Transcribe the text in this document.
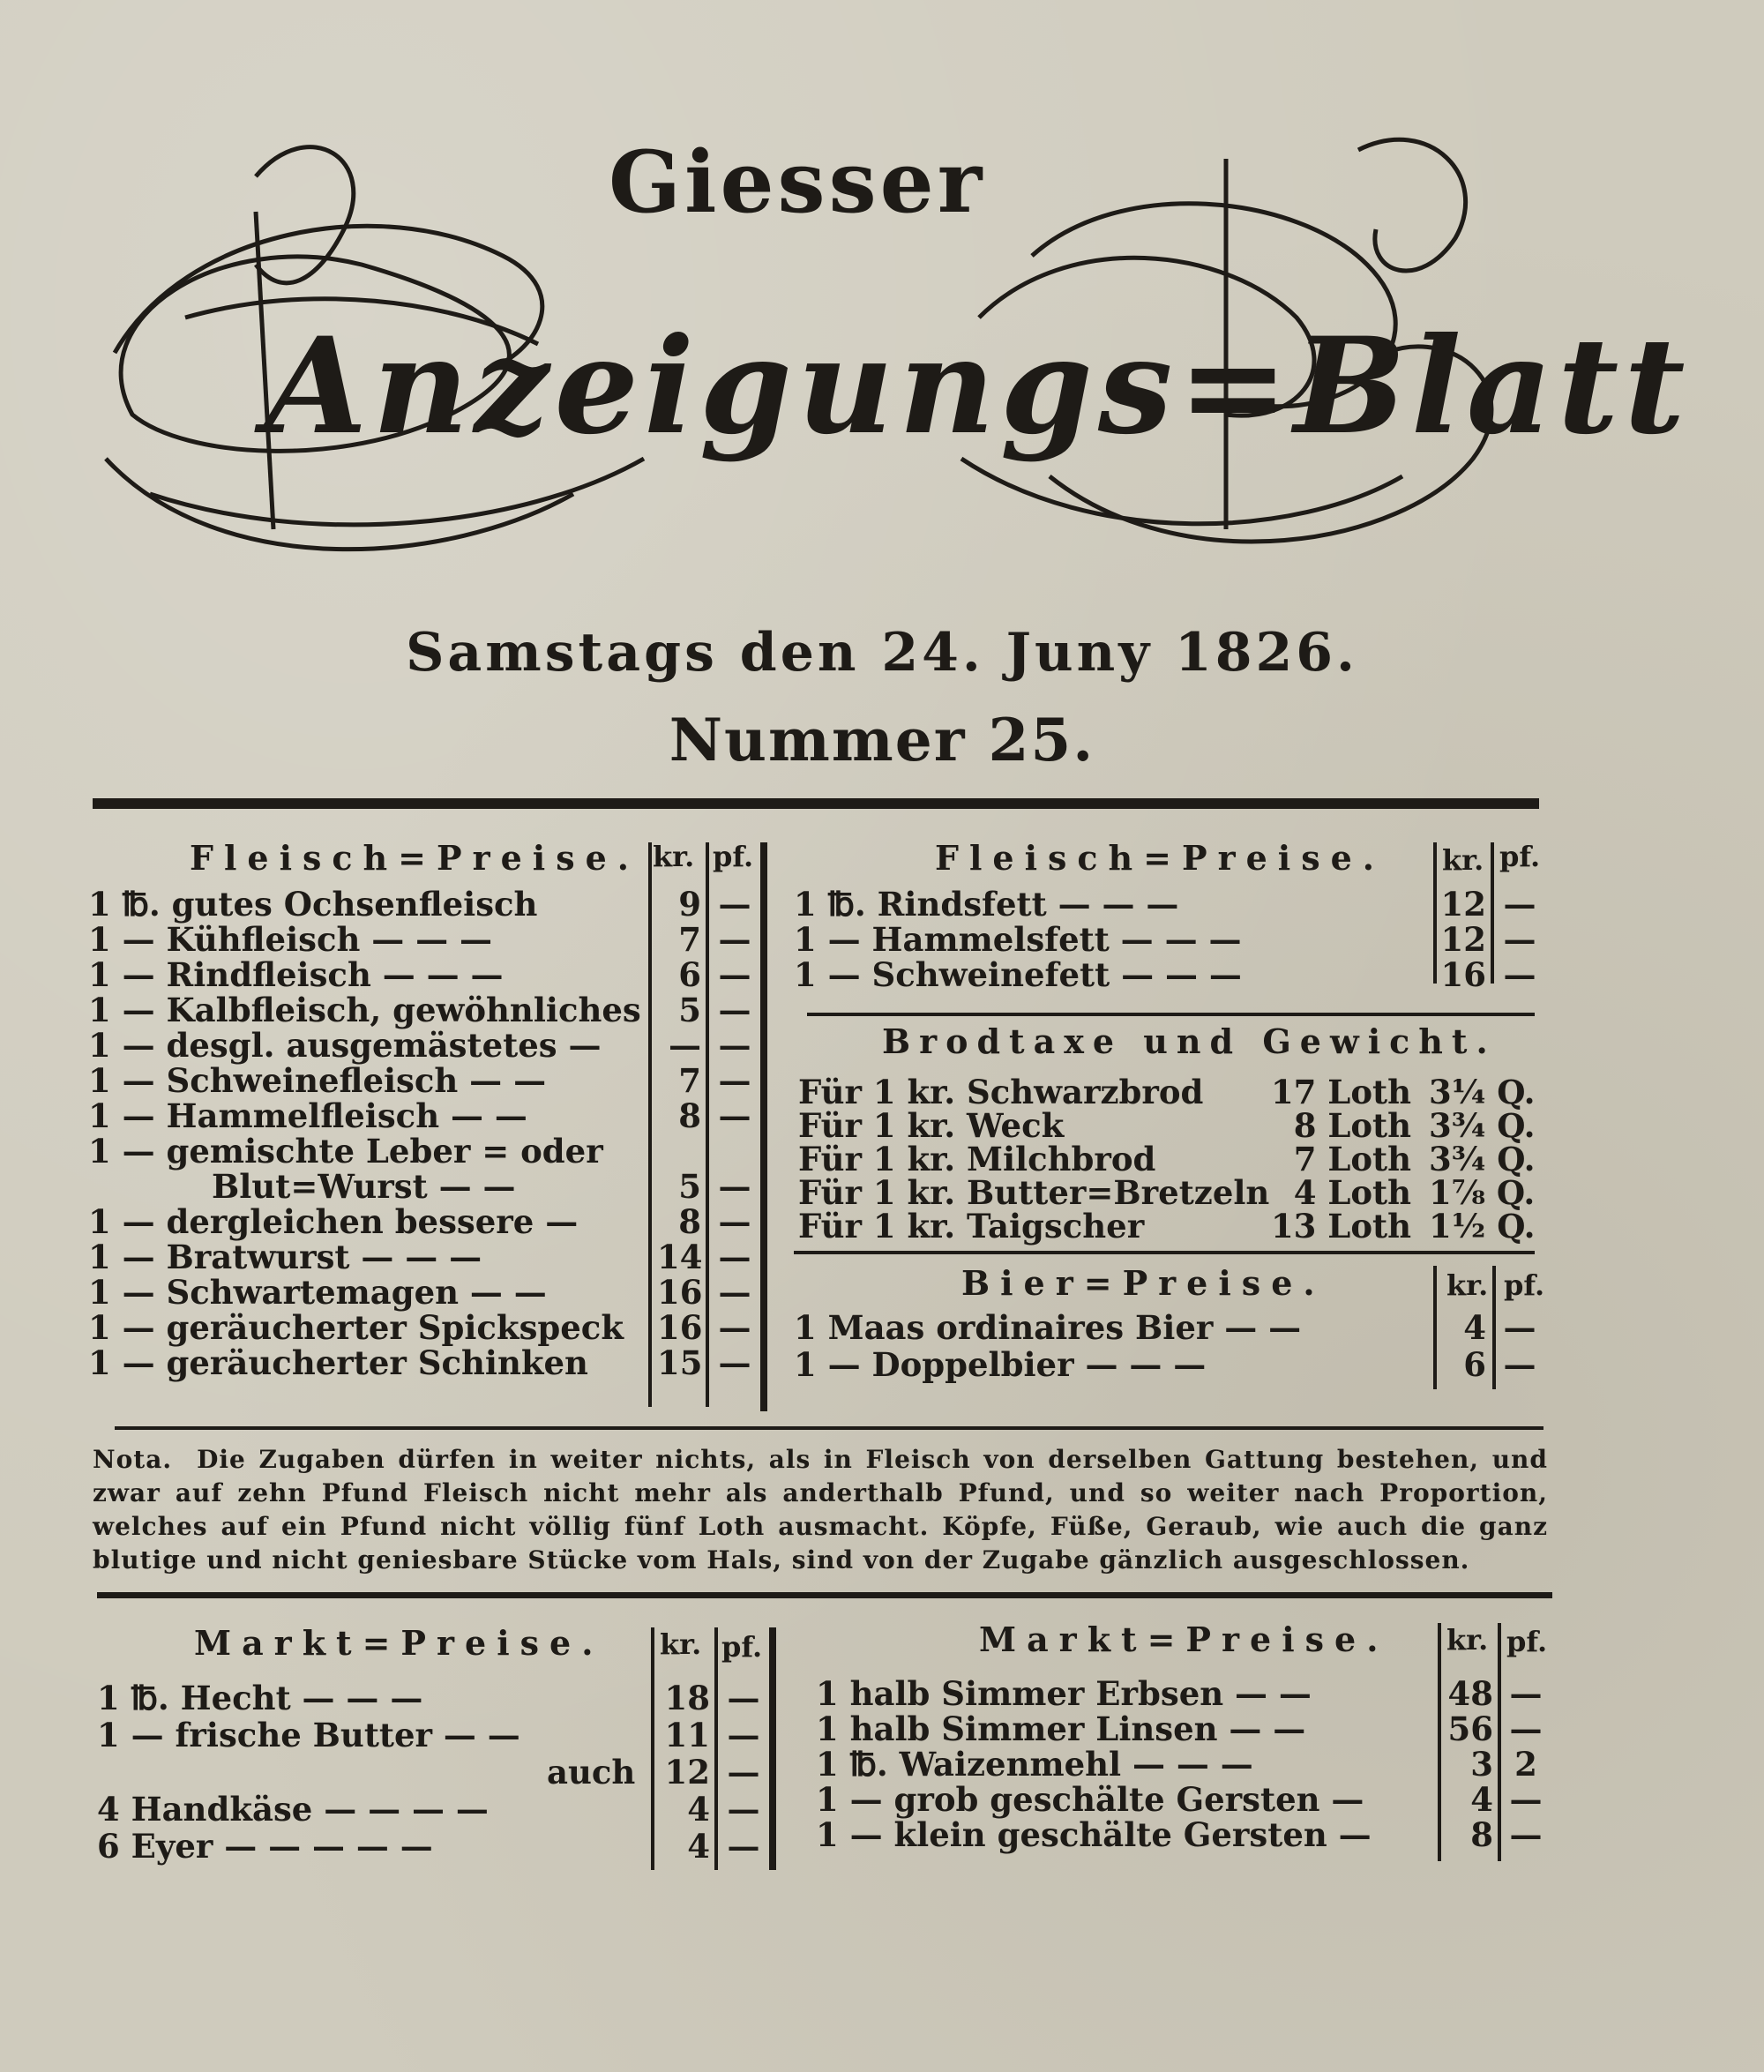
Giesser
Anzeigungs=Blatt
Samstags den 24. Juny 1826.
Nummer 25.
Fleisch=Preise. kr. pf.
1 ℔. gutes Ochsenfleisch	9 —
1 — Kühfleisch — — —	7 —
1 — Rindfleisch — — —	6 —
1 — Kalbfleisch, gewöhnliches	5 —
1 — desgl. ausgemästetes —	— —
1 — Schweinefleisch — —	7 —
1 — Hammelfleisch — —	8 —
1 — gemischte Leber = oder
Blut=Wurst — —	5 —
1 — dergleichen bessere —	8 —
1 — Bratwurst — — —	14 —
1 — Schwartemagen — —	16 —
1 — geräucherter Spickspeck 16 —
1 — geräucherter Schinken 15 —
Fleisch=Preise. kr. pf.
1 ℔. Rindsfett — — —	12 —
1 — Hammelsfett — — —	12 —
1 — Schweinefett — — —	16 —
Brodtaxe und Gewicht.
Für 1 kr. Schwarzbrod 17 Loth 3¼ Q.
Für 1 kr. Weck	8 Loth 3¾ Q.
Für 1 kr. Milchbrod	7 Loth 3¾ Q.
Für 1 kr. Butter=Bretzeln 4 Loth 1⅞ Q.
Für 1 kr. Taigscher	13 Loth 1½ Q.
Bier=Preise.	kr. pf.
1 Maas ordinaires Bier — —	4 —
1 — Doppelbier — — —	6 —
Nota. Die Zugaben dürfen in weiter nichts, als in Fleisch von derselben Gattung bestehen, und zwar auf zehn Pfund Fleisch nicht mehr als anderthalb Pfund, und so weiter nach Proportion, welches auf ein Pfund nicht völlig fünf Loth ausmacht. Köpfe, Füße, Geraub, wie auch die ganz blutige und nicht geniesbare Stücke vom Hals, sind von der Zugabe gänzlich ausgeschlossen.
Markt=Preise. kr. pf.
1 ℔. Hecht — — —	18 —
1 — frische Butter — —	11 —
auch 12 —
4 Handkäse — — — —	4 —
6 Eyer — — — — —	4 —
Markt=Preise. kr. pf.
1 halb Simmer Erbsen — —	48 —
1 halb Simmer Linsen — —	56 —
1 ℔. Waizenmehl — — —	3 2
1 — grob geschälte Gersten —	4 —
1 — klein geschälte Gersten —	8 —
